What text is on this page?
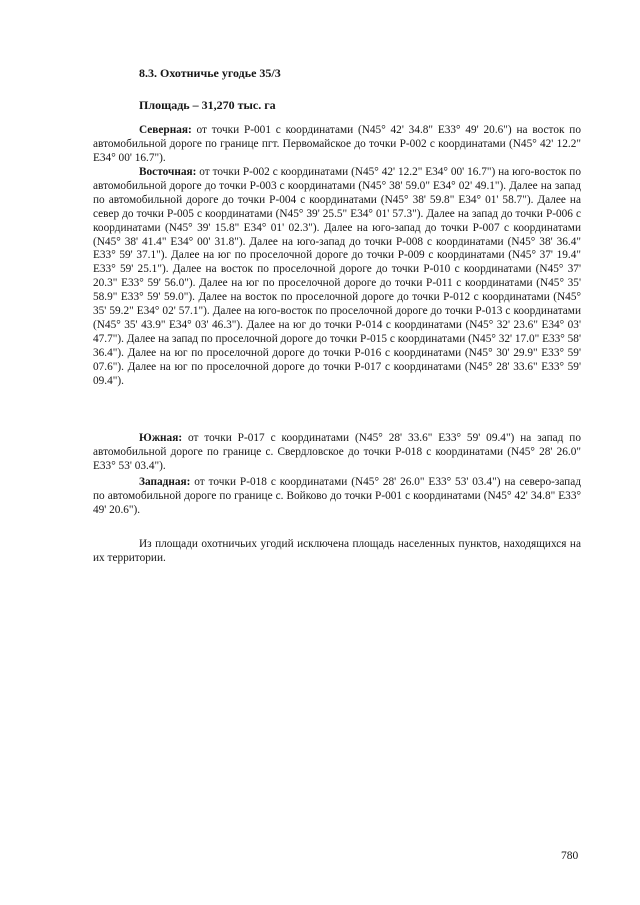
8.3. Охотничье угодье 35/3
Площадь – 31,270 тыс. га

Северная: от точки Р-001 с координатами (N45° 42' 34.8" E33° 49' 20.6") на восток по автомобильной дороге по границе пгт. Первомайское до точки Р-002 с координатами (N45° 42' 12.2" E34° 00' 16.7").

Восточная: от точки Р-002 с координатами (N45° 42' 12.2" E34° 00' 16.7") на юго-восток по автомобильной дороге до точки Р-003 с координатами (N45° 38' 59.0" E34° 02' 49.1"). Далее на запад по автомобильной дороге до точки Р-004 с координатами (N45° 38' 59.8" E34° 01' 58.7"). Далее на север до точки Р-005 с координатами (N45° 39' 25.5" E34° 01' 57.3"). Далее на запад до точки Р-006 с координатами (N45° 39' 15.8" E34° 01' 02.3"). Далее на юго-запад до точки Р-007 с координатами (N45° 38' 41.4" E34° 00' 31.8"). Далее на юго-запад до точки Р-008 с координатами (N45° 38' 36.4" E33° 59' 37.1"). Далее на юг по проселочной дороге до точки Р-009 с координатами (N45° 37' 19.4" E33° 59' 25.1"). Далее на восток по проселочной дороге до точки Р-010 с координатами (N45° 37' 20.3" E33° 59' 56.0"). Далее на юг по проселочной дороге до точки Р-011 с координатами (N45° 35' 58.9" E33° 59' 59.0"). Далее на восток по проселочной дороге до точки Р-012 с координатами (N45° 35' 59.2" E34° 02' 57.1"). Далее на юго-восток по проселочной дороге до точки Р-013 с координатами (N45° 35' 43.9" E34° 03' 46.3"). Далее на юг до точки Р-014 с координатами (N45° 32' 23.6" E34° 03' 47.7"). Далее на запад по проселочной дороге до точки Р-015 с координатами (N45° 32' 17.0" E33° 58' 36.4"). Далее на юг по проселочной дороге до точки Р-016 с координатами (N45° 30' 29.9" E33° 59' 07.6"). Далее на юг по проселочной дороге до точки Р-017 с координатами (N45° 28' 33.6" E33° 59' 09.4").

Южная: от точки Р-017 с координатами (N45° 28' 33.6" E33° 59' 09.4") на запад по автомобильной дороге по границе с. Свердловское до точки Р-018 с координатами (N45° 28' 26.0" E33° 53' 03.4").

Западная: от точки Р-018 с координатами (N45° 28' 26.0" E33° 53' 03.4") на северо-запад по автомобильной дороге по границе с. Войково до точки Р-001 с координатами (N45° 42' 34.8" E33° 49' 20.6").

Из площади охотничьих угодий исключена площадь населенных пунктов, находящихся на их территории.

780
